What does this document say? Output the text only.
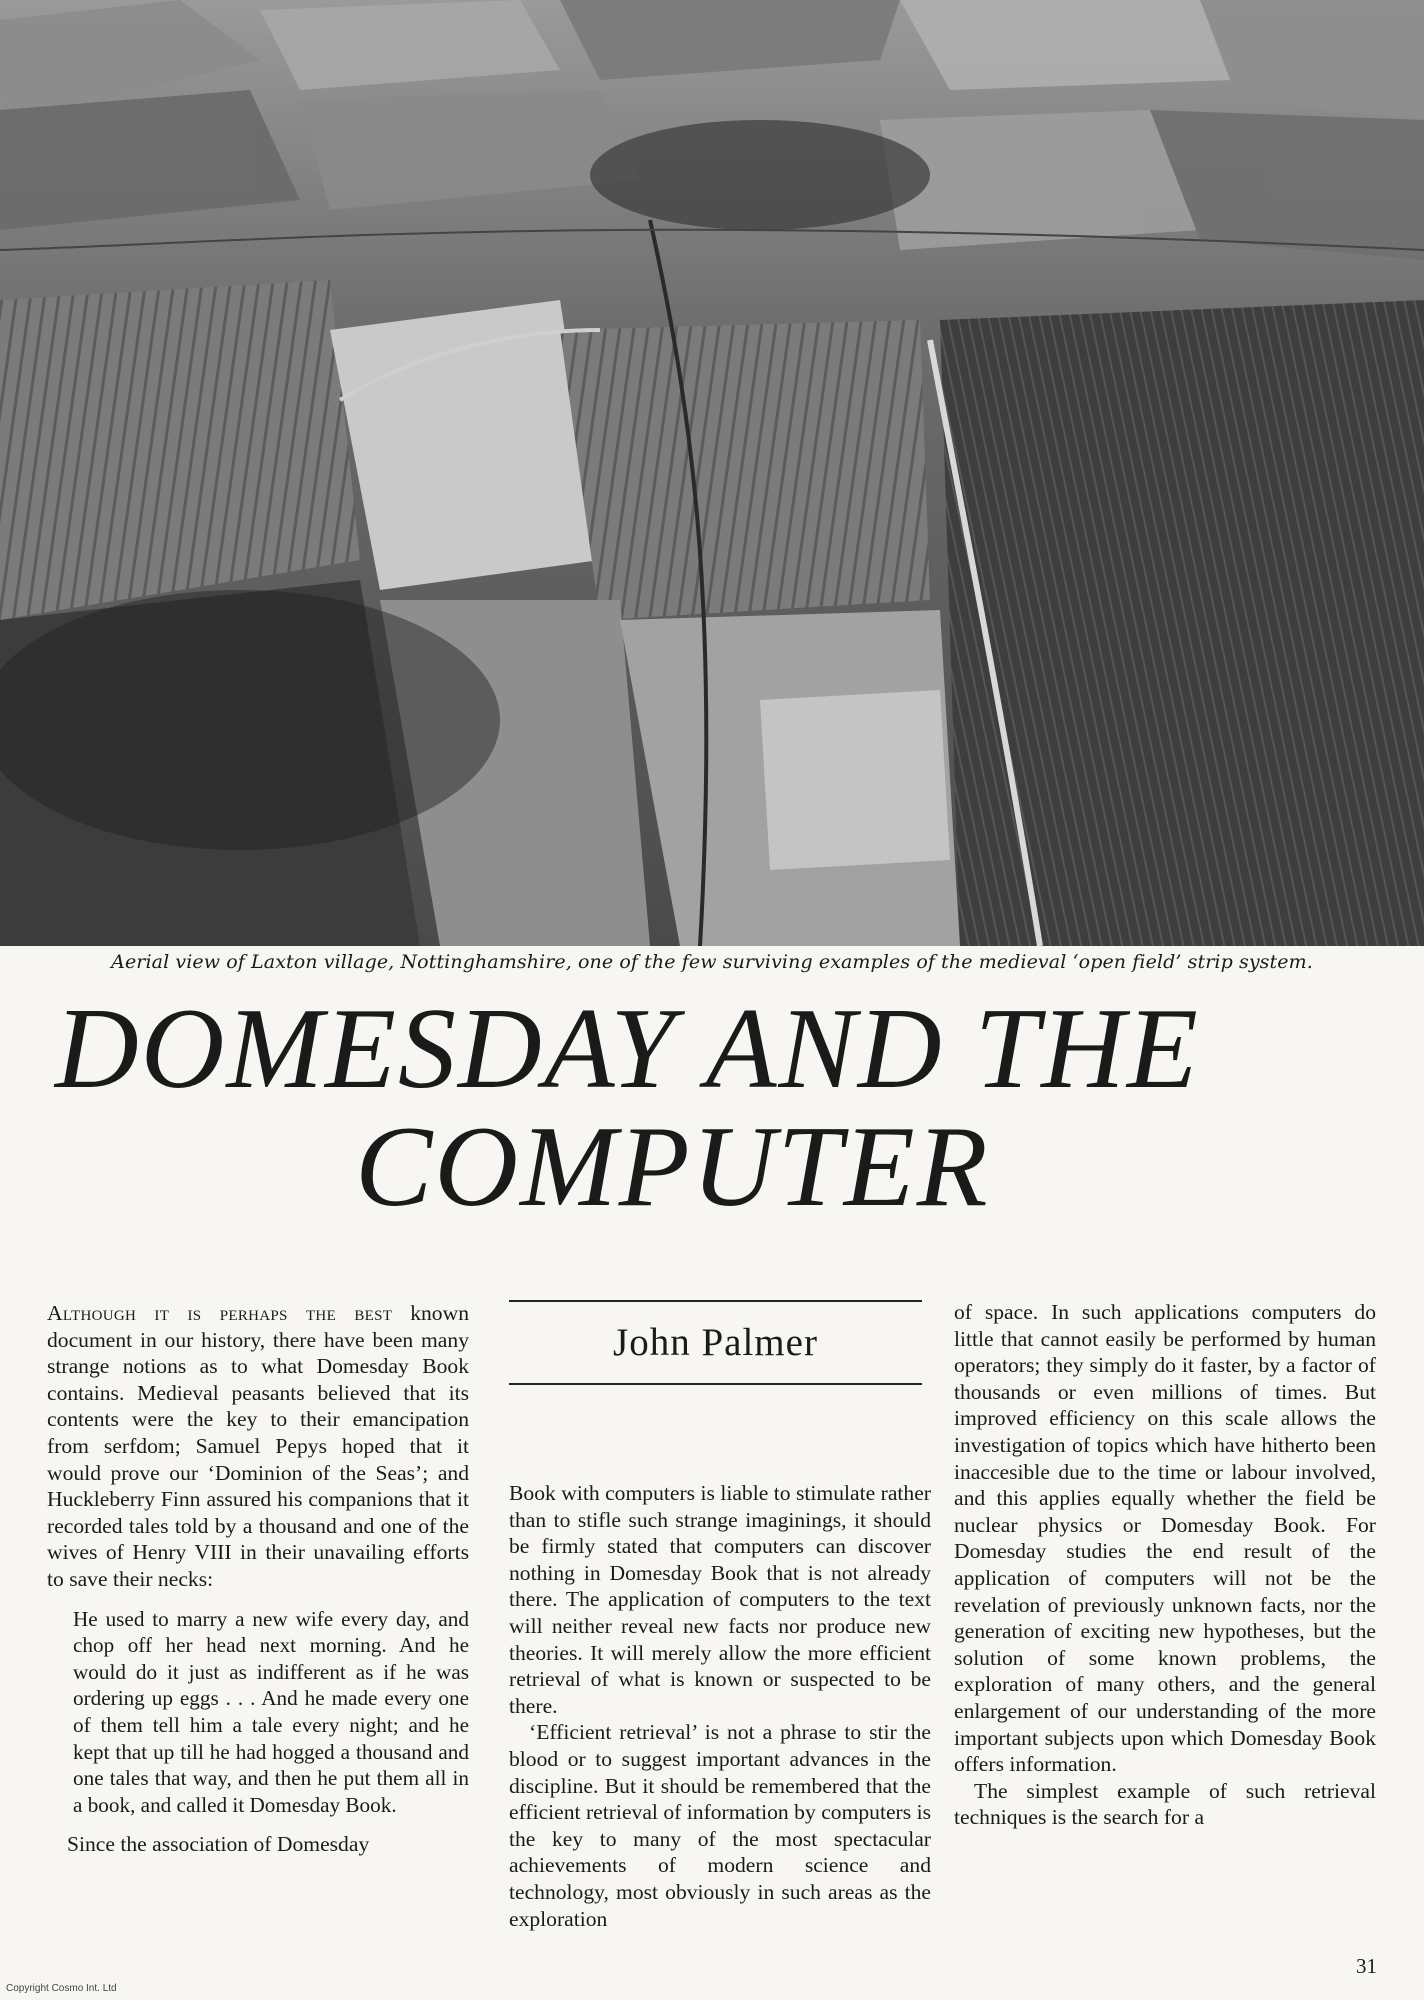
Aerial view of Laxton village, Nottinghamshire, one of the few surviving examples of the medieval ‘open field’ strip system.
DOMESDAY AND THE
COMPUTER

Although it is perhaps the best known document in our history, there have been many strange notions as to what Domesday Book contains. Medieval peasants believed that its contents were the key to their emancipation from serfdom; Samuel Pepys hoped that it would prove our ‘Dominion of the Seas’; and Huckleberry Finn assured his companions that it recorded tales told by a thousand and one of the wives of Henry VIII in their unavailing efforts to save their necks:

He used to marry a new wife every day, and chop off her head next morning. And he would do it just as indifferent as if he was ordering up eggs . . . And he made every one of them tell him a tale every night; and he kept that up till he had hogged a thousand and one tales that way, and then he put them all in a book, and called it Domesday Book.

Since the association of Domesday

John Palmer

Book with computers is liable to stimulate rather than to stifle such strange imaginings, it should be firmly stated that computers can discover nothing in Domesday Book that is not already there. The application of computers to the text will neither reveal new facts nor produce new theories. It will merely allow the more efficient retrieval of what is known or suspected to be there.

‘Efficient retrieval’ is not a phrase to stir the blood or to suggest important advances in the discipline. But it should be remembered that the efficient retrieval of information by computers is the key to many of the most spectacular achievements of modern science and technology, most obviously in such areas as the exploration

of space. In such applications computers do little that cannot easily be performed by human operators; they simply do it faster, by a factor of thousands or even millions of times. But improved efficiency on this scale allows the investigation of topics which have hitherto been inaccesible due to the time or labour involved, and this applies equally whether the field be nuclear physics or Domesday Book. For Domesday studies the end result of the application of computers will not be the revelation of previously unknown facts, nor the generation of exciting new hypotheses, but the solution of some known problems, the exploration of many others, and the general enlargement of our understanding of the more important subjects upon which Domesday Book offers information.

The simplest example of such retrieval techniques is the search for a

31
Copyright Cosmo Int. Ltd
